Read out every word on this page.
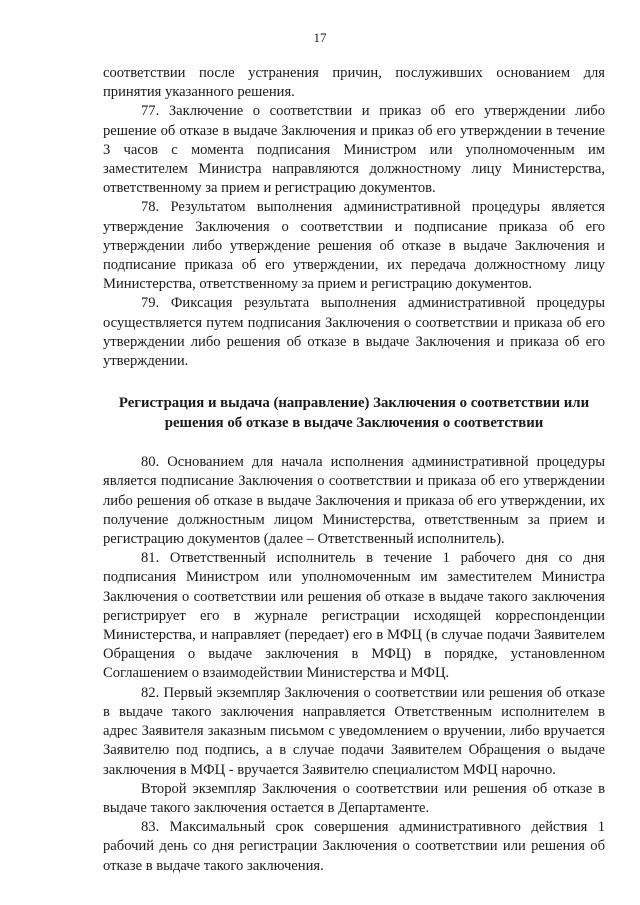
17

соответствии после устранения причин, послуживших основанием для принятия указанного решения.

77. Заключение о соответствии и приказ об его утверждении либо решение об отказе в выдаче Заключения и приказ об его утверждении в течение 3 часов с момента подписания Министром или уполномоченным им заместителем Министра направляются должностному лицу Министерства, ответственному за прием и регистрацию документов.

78. Результатом выполнения административной процедуры является утверждение Заключения о соответствии и подписание приказа об его утверждении либо утверждение решения об отказе в выдаче Заключения и подписание приказа об его утверждении, их передача должностному лицу Министерства, ответственному за прием и регистрацию документов.

79. Фиксация результата выполнения административной процедуры осуществляется путем подписания Заключения о соответствии и приказа об его утверждении либо решения об отказе в выдаче Заключения и приказа об его утверждении.

Регистрация и выдача (направление) Заключения о соответствии или решения об отказе в выдаче Заключения о соответствии

80. Основанием для начала исполнения административной процедуры является подписание Заключения о соответствии и приказа об его утверждении либо решения об отказе в выдаче Заключения и приказа об его утверждении, их получение должностным лицом Министерства, ответственным за прием и регистрацию документов (далее – Ответственный исполнитель).

81. Ответственный исполнитель в течение 1 рабочего дня со дня подписания Министром или уполномоченным им заместителем Министра Заключения о соответствии или решения об отказе в выдаче такого заключения регистрирует его в журнале регистрации исходящей корреспонденции Министерства, и направляет (передает) его в МФЦ (в случае подачи Заявителем Обращения о выдаче заключения в МФЦ) в порядке, установленном Соглашением о взаимодействии Министерства и МФЦ.

82. Первый экземпляр Заключения о соответствии или решения об отказе в выдаче такого заключения направляется Ответственным исполнителем в адрес Заявителя заказным письмом с уведомлением о вручении, либо вручается Заявителю под подпись, а в случае подачи Заявителем Обращения о выдаче заключения в МФЦ - вручается Заявителю специалистом МФЦ нарочно.

Второй экземпляр Заключения о соответствии или решения об отказе в выдаче такого заключения остается в Департаменте.

83. Максимальный срок совершения административного действия 1 рабочий день со дня регистрации Заключения о соответствии или решения об отказе в выдаче такого заключения.
